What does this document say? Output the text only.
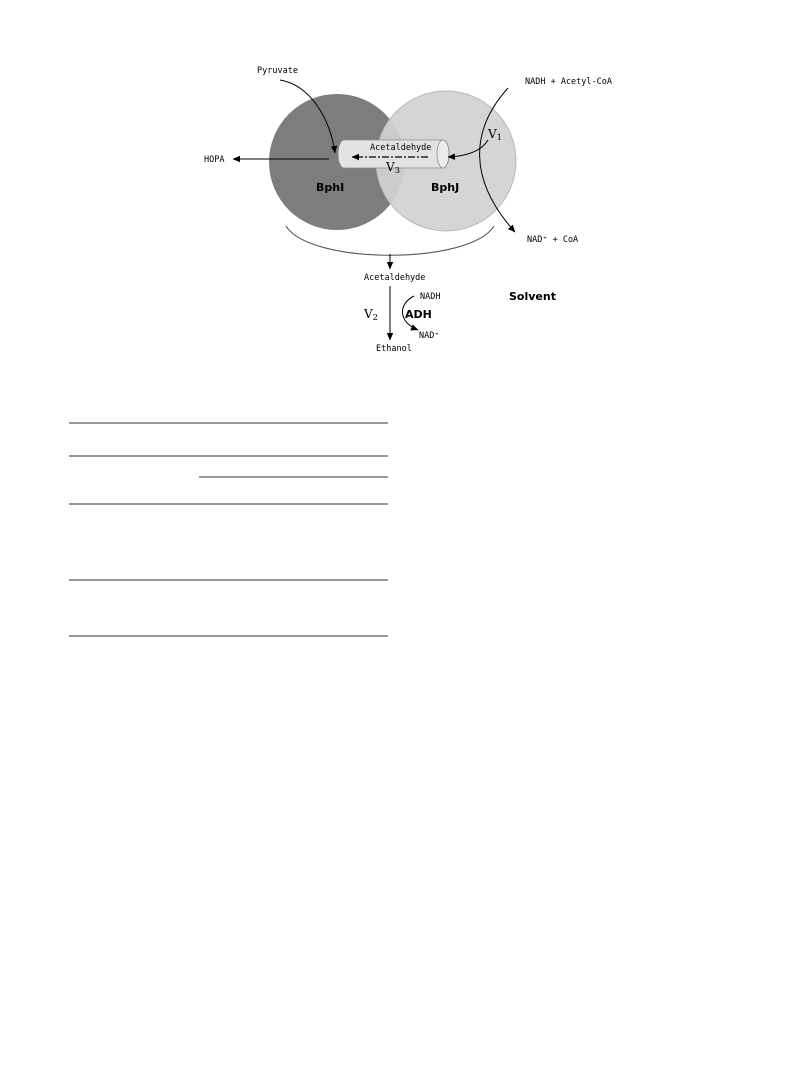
Pyruvate
NADH + Acetyl-CoA
Acetaldehyde
HOPA
NAD⁺ + CoA
Acetaldehyde
NADH
NAD⁺
Ethanol
BphI	BphJ
ADH
Solvent
V1
V3
V2
